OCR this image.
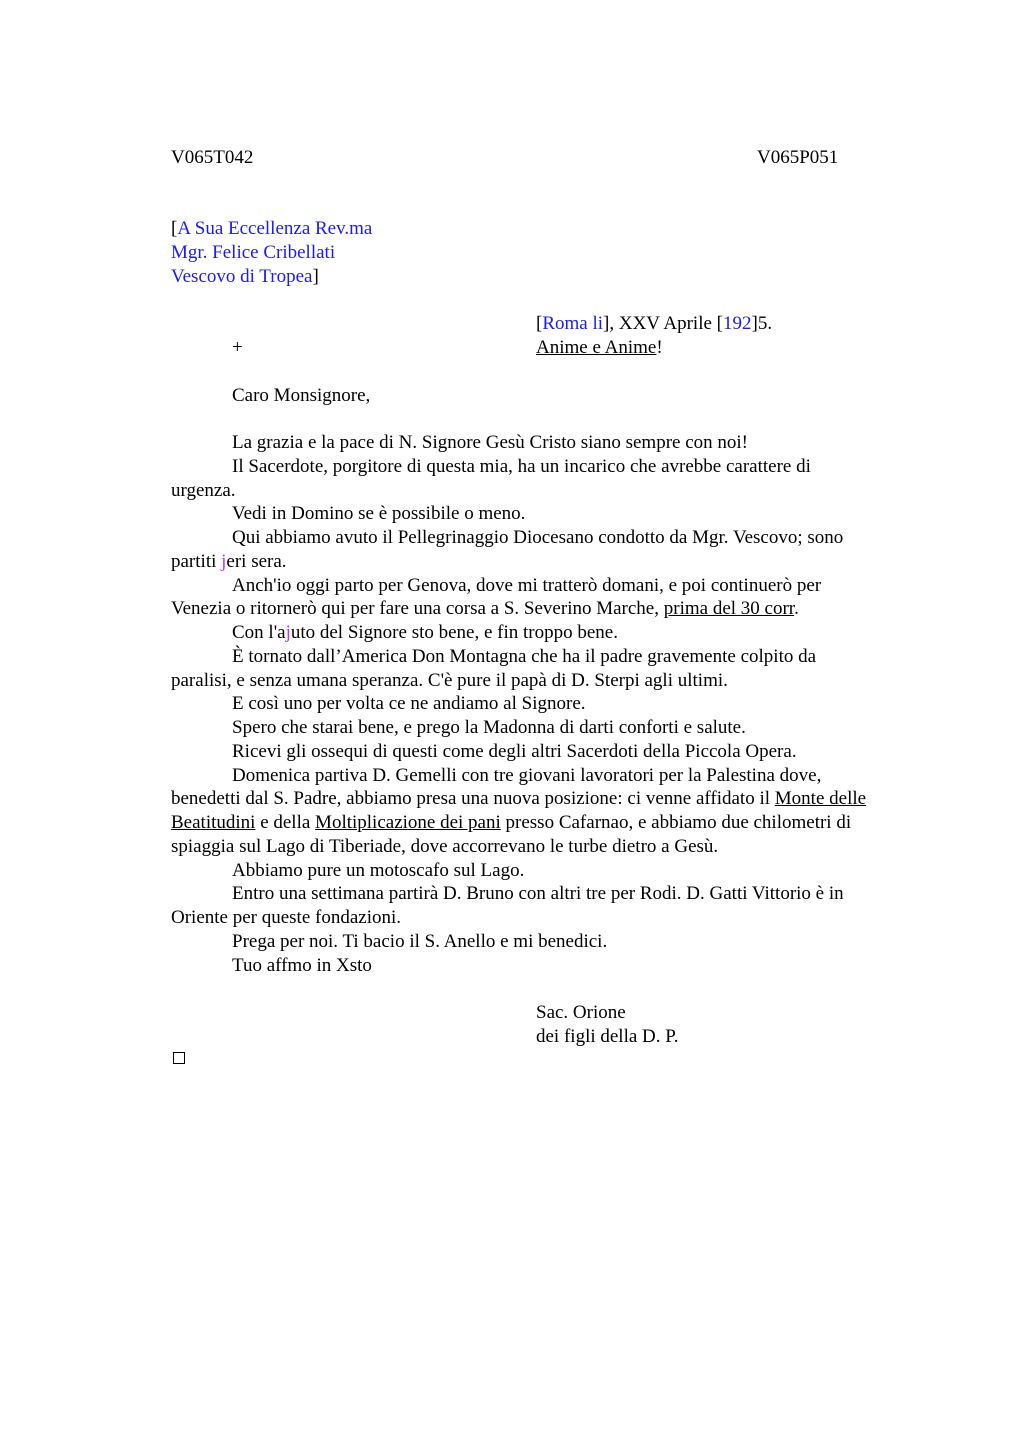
V065T042	V065P051
[A Sua Eccellenza Rev.ma
Mgr. Felice Cribellati
Vescovo di Tropea]
[Roma li], XXV Aprile [192]5.
+	Anime e Anime!
Caro Monsignore,
La grazia e la pace di N. Signore Gesù Cristo siano sempre con noi!
Il Sacerdote, porgitore di questa mia, ha un incarico che avrebbe carattere di
urgenza.
Vedi in Domino se è possibile o meno.
Qui abbiamo avuto il Pellegrinaggio Diocesano condotto da Mgr. Vescovo; sono
partiti jeri sera.
Anch'io oggi parto per Genova, dove mi tratterò domani, e poi continuerò per
Venezia o ritornerò qui per fare una corsa a S. Severino Marche, prima del 30 corr.
Con l'ajuto del Signore sto bene, e fin troppo bene.
È tornato dall’America Don Montagna che ha il padre gravemente colpito da
paralisi, e senza umana speranza. C'è pure il papà di D. Sterpi agli ultimi.
E così uno per volta ce ne andiamo al Signore.
Spero che starai bene, e prego la Madonna di darti conforti e salute.
Ricevi gli ossequi di questi come degli altri Sacerdoti della Piccola Opera.
Domenica partiva D. Gemelli con tre giovani lavoratori per la Palestina dove,
benedetti dal S. Padre, abbiamo presa una nuova posizione: ci venne affidato il Monte delle
Beatitudini e della Moltiplicazione dei pani presso Cafarnao, e abbiamo due chilometri di
spiaggia sul Lago di Tiberiade, dove accorrevano le turbe dietro a Gesù.
Abbiamo pure un motoscafo sul Lago.
Entro una settimana partirà D. Bruno con altri tre per Rodi. D. Gatti Vittorio è in
Oriente per queste fondazioni.
Prega per noi. Ti bacio il S. Anello e mi benedici.
Tuo affmo in Xsto
Sac. Orione
dei figli della D. P.
